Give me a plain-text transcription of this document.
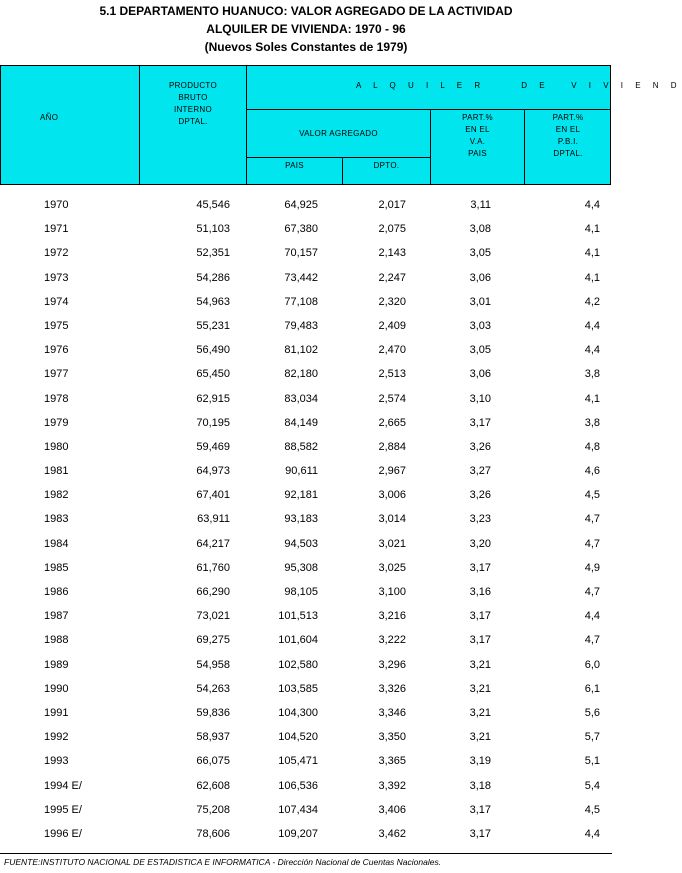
5.1 DEPARTAMENTO HUANUCO: VALOR AGREGADO DE LA ACTIVIDAD
ALQUILER DE VIVIENDA: 1970 - 96
(Nuevos Soles Constantes de 1979)
AÑO
PRODUCTO
BRUTO
INTERNO
DPTAL.
A L Q U I L E R     D E   V I V I E N D
VALOR AGREGADO
PAIS	DPTO.
PART.%
EN EL
V.A.
PAIS
PART.%
EN EL
P.B.I.
DPTAL.
1970	45,546	64,925	2,017	3,11	4,4
1971	51,103	67,380	2,075	3,08	4,1
1972	52,351	70,157	2,143	3,05	4,1
1973	54,286	73,442	2,247	3,06	4,1
1974	54,963	77,108	2,320	3,01	4,2
1975	55,231	79,483	2,409	3,03	4,4
1976	56,490	81,102	2,470	3,05	4,4
1977	65,450	82,180	2,513	3,06	3,8
1978	62,915	83,034	2,574	3,10	4,1
1979	70,195	84,149	2,665	3,17	3,8
1980	59,469	88,582	2,884	3,26	4,8
1981	64,973	90,611	2,967	3,27	4,6
1982	67,401	92,181	3,006	3,26	4,5
1983	63,911	93,183	3,014	3,23	4,7
1984	64,217	94,503	3,021	3,20	4,7
1985	61,760	95,308	3,025	3,17	4,9
1986	66,290	98,105	3,100	3,16	4,7
1987	73,021	101,513	3,216	3,17	4,4
1988	69,275	101,604	3,222	3,17	4,7
1989	54,958	102,580	3,296	3,21	6,0
1990	54,263	103,585	3,326	3,21	6,1
1991	59,836	104,300	3,346	3,21	5,6
1992	58,937	104,520	3,350	3,21	5,7
1993	66,075	105,471	3,365	3,19	5,1
1994 E/	62,608	106,536	3,392	3,18	5,4
1995 E/	75,208	107,434	3,406	3,17	4,5
1996 E/	78,606	109,207	3,462	3,17	4,4
FUENTE:INSTITUTO NACIONAL DE ESTADISTICA E INFORMATICA - Dirección Nacional de Cuentas Nacionales.
